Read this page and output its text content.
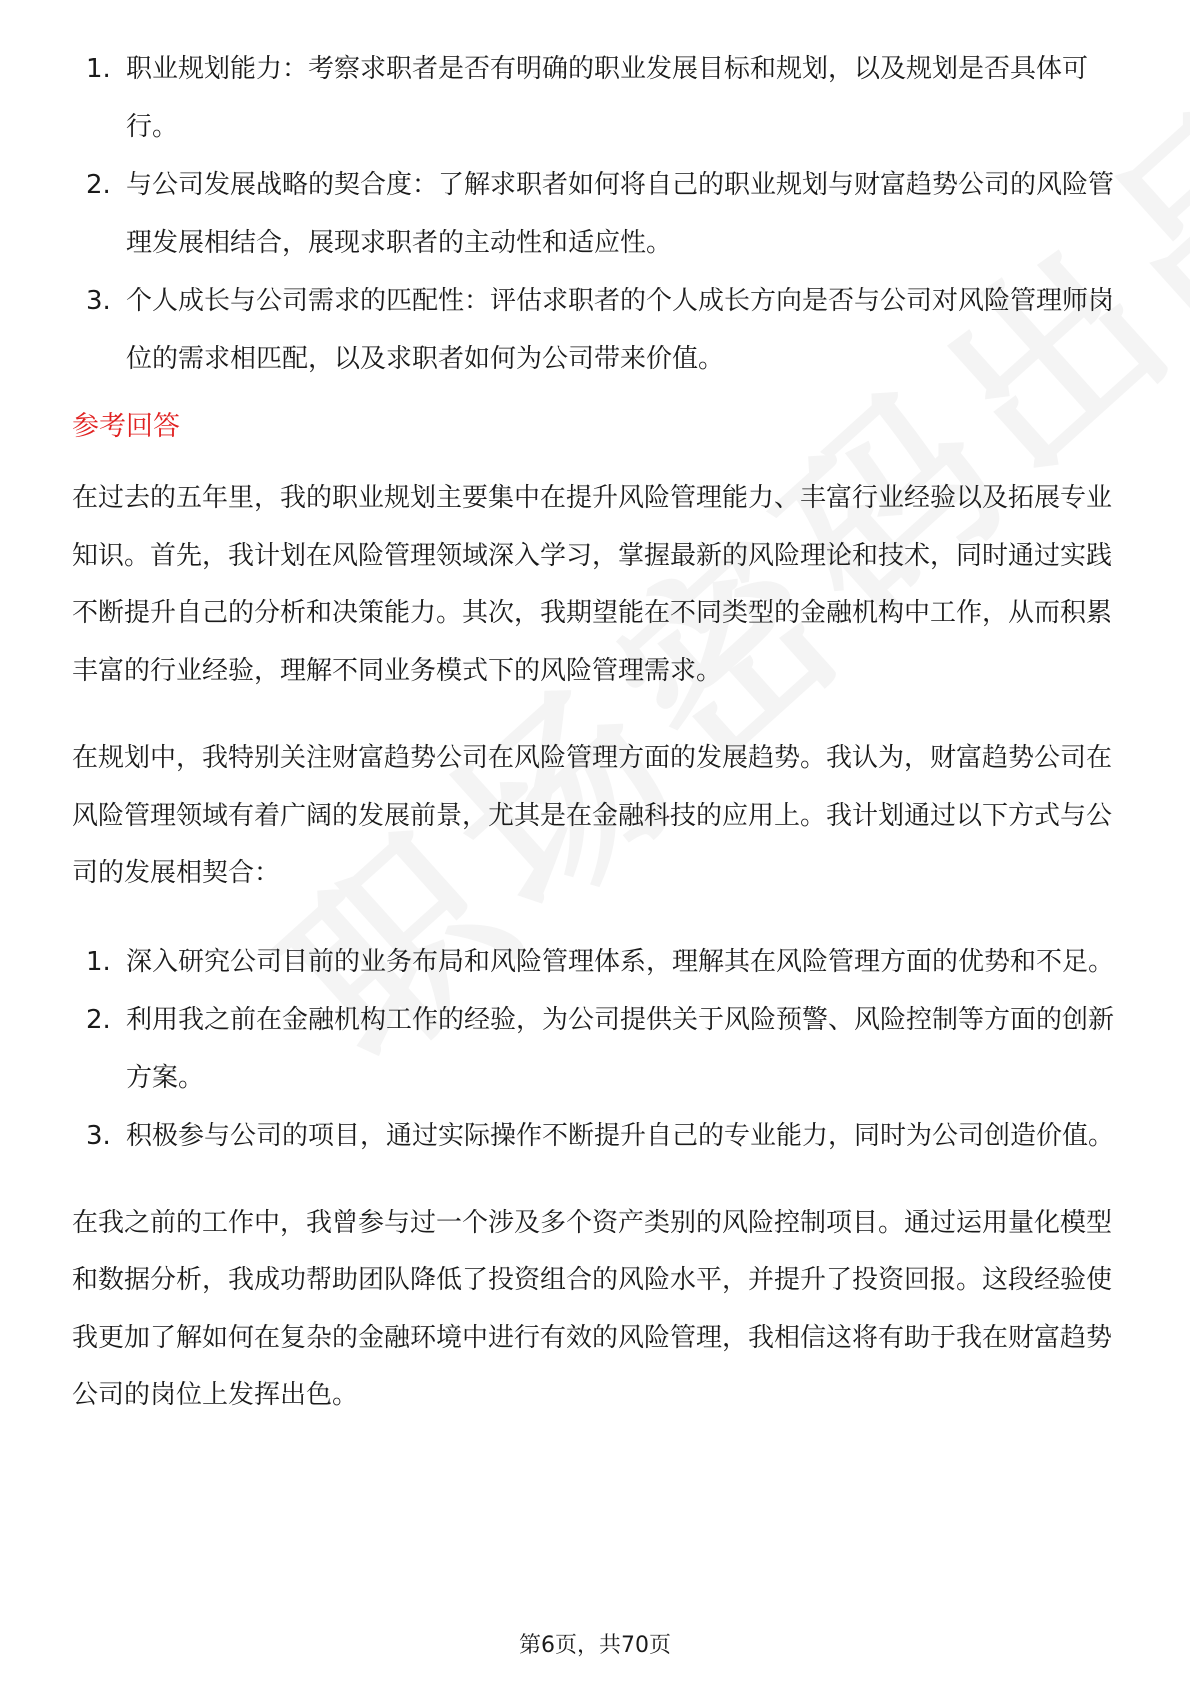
1. 职业规划能力：考察求职者是否有明确的职业发展目标和规划，以及规划是否具体可行。
2. 与公司发展战略的契合度：了解求职者如何将自己的职业规划与财富趋势公司的风险管理发展相结合，展现求职者的主动性和适应性。
3. 个人成长与公司需求的匹配性：评估求职者的个人成长方向是否与公司对风险管理师岗位的需求相匹配，以及求职者如何为公司带来价值。
参考回答

在过去的五年里，我的职业规划主要集中在提升风险管理能力、丰富行业经验以及拓展专业知识。首先，我计划在风险管理领域深入学习，掌握最新的风险理论和技术，同时通过实践不断提升自己的分析和决策能力。其次，我期望能在不同类型的金融机构中工作，从而积累丰富的行业经验，理解不同业务模式下的风险管理需求。

在规划中，我特别关注财富趋势公司在风险管理方面的发展趋势。我认为，财富趋势公司在风险管理领域有着广阔的发展前景，尤其是在金融科技的应用上。我计划通过以下方式与公司的发展相契合：

1. 深入研究公司目前的业务布局和风险管理体系，理解其在风险管理方面的优势和不足。
2. 利用我之前在金融机构工作的经验，为公司提供关于风险预警、风险控制等方面的创新方案。
3. 积极参与公司的项目，通过实际操作不断提升自己的专业能力，同时为公司创造价值。

在我之前的工作中，我曾参与过一个涉及多个资产类别的风险控制项目。通过运用量化模型和数据分析，我成功帮助团队降低了投资组合的风险水平，并提升了投资回报。这段经验使我更加了解如何在复杂的金融环境中进行有效的风险管理，我相信这将有助于我在财富趋势公司的岗位上发挥出色。

第6页，共70页
